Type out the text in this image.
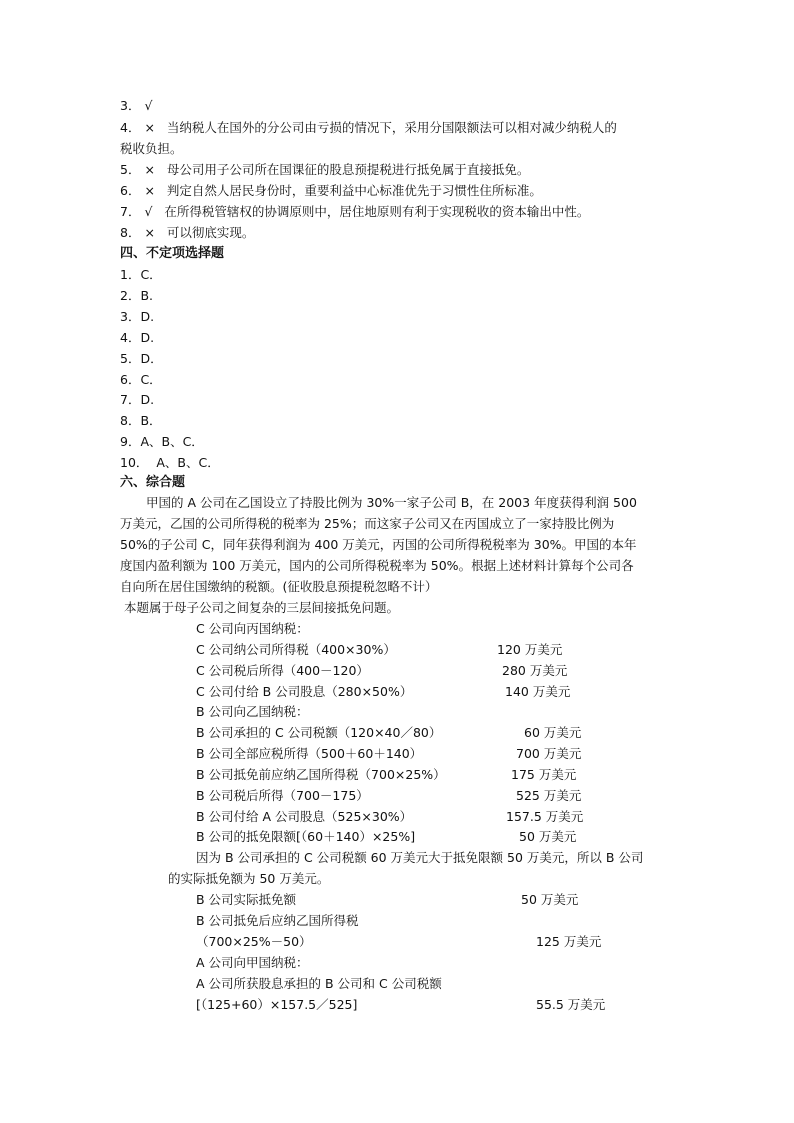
3． √
4． × 当纳税人在国外的分公司由亏损的情况下，采用分国限额法可以相对减少纳税人的
税收负担。
5． × 母公司用子公司所在国课征的股息预提税进行抵免属于直接抵免。
6． × 判定自然人居民身份时，重要利益中心标准优先于习惯性住所标准。
7． √ 在所得税管辖权的协调原则中，居住地原则有利于实现税收的资本输出中性。
8． × 可以彻底实现。
四、不定项选择题
1．C．
2．B.
3．D.
4．D.
5．D．
6．C．
7．D.
8．B．
9．A、B、C．
10．  A、B、C．
六、综合题
甲国的 A 公司在乙国设立了持股比例为 30%一家子公司 B，在 2003 年度获得利润 500
万美元，乙国的公司所得税的税率为 25%；而这家子公司又在丙国成立了一家持股比例为
50%的子公司 C，同年获得利润为 400 万美元，丙国的公司所得税税率为 30%。甲国的本年
度国内盈利额为 100 万美元，国内的公司所得税税率为 50%。根据上述材料计算每个公司各
自向所在居住国缴纳的税额。(征收股息预提税忽略不计）
本题属于母子公司之间复杂的三层间接抵免问题。
C 公司向丙国纳税：
C 公司纳公司所得税（400×30%）	120 万美元
C 公司税后所得（400－120）	280 万美元
C 公司付给 B 公司股息（280×50%）	140 万美元
B 公司向乙国纳税：
B 公司承担的 C 公司税额（120×40／80）	60 万美元
B 公司全部应税所得（500＋60＋140）	700 万美元
B 公司抵免前应纳乙国所得税（700×25%）	175 万美元
B 公司税后所得（700－175）	525 万美元
B 公司付给 A 公司股息（525×30%）	157.5 万美元
B 公司的抵免限额[（60＋140）×25%]	50 万美元
因为 B 公司承担的 C 公司税额 60 万美元大于抵免限额 50 万美元，所以 B 公司
的实际抵免额为 50 万美元。
B 公司实际抵免额	50 万美元
B 公司抵免后应纳乙国所得税
（700×25%－50）	125 万美元
A 公司向甲国纳税：
A 公司所获股息承担的 B 公司和 C 公司税额
[（125+60）×157.5／525]	55.5 万美元
